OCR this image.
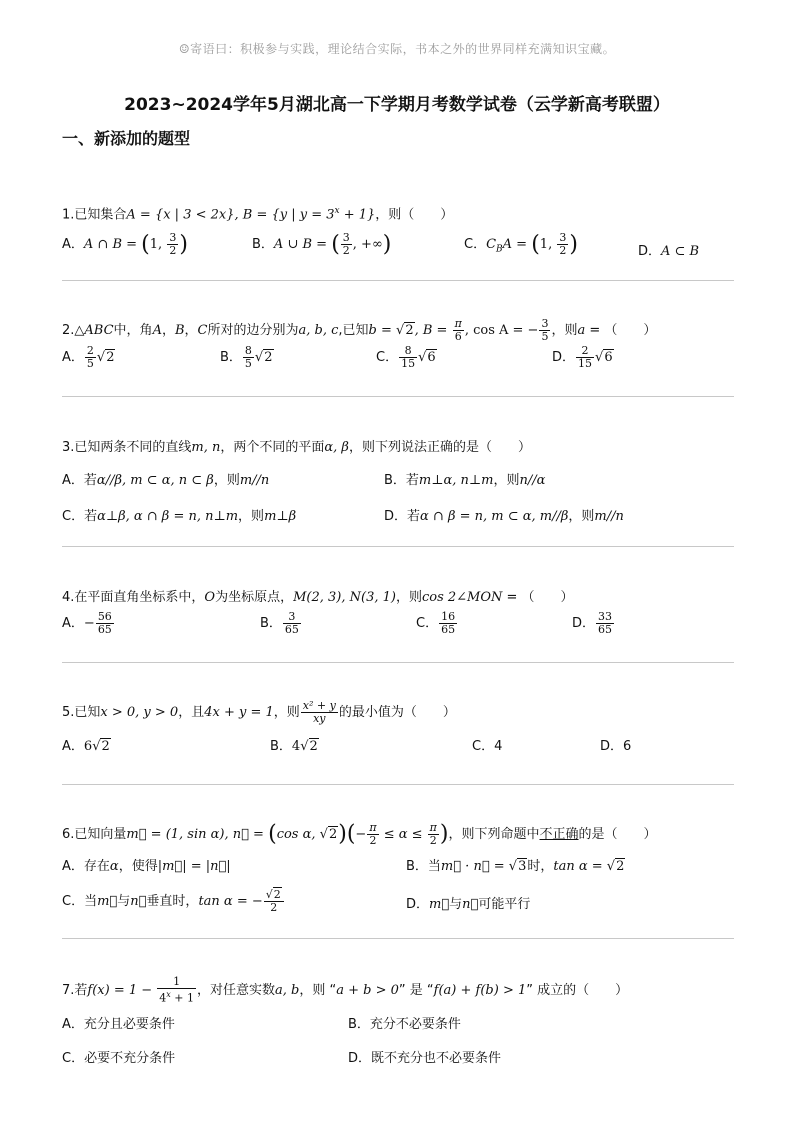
☺寄语曰：积极参与实践，理论结合实际，书本之外的世界同样充满知识宝藏。
2023~2024学年5月湖北高一下学期月考数学试卷（云学新高考联盟）
一、新添加的题型
1.已知集合A = {x | 3 < 2x}, B = {y | $y = 3^x + 1$}，则（　　）
A．A ∩ B = (1, $\frac{3}{2}$ )	B．A ∪ B = ( $\frac{3}{2}$ , +∞)	C．$C_BA = (1$, $\frac{3}{2}$ )	D．A ⊂ B
2.△ABC中，角A，B，C所对的边分别为a, b, c,已知b = √2, $B = \frac{\pi}{6}$ , cos A = − $\frac{3}{5}$ ，则a = （　　）
A． $\frac{2}{5} √2$	B． $\frac{8}{5} √2$	C． $\frac{8}{15} √6$	D． $\frac{2}{15} √6$
3.已知两条不同的直线m, n，两个不同的平面α, β，则下列说法正确的是（　　）
A．若α//β, m ⊂ α, n ⊂ β，则m//n	B．若m⊥α, n⊥m，则n//α
C．若α⊥β, α ∩ β = n, n⊥m，则m⊥β	D．若α ∩ β = n, m ⊂ α, m//β，则m//n
4.在平面直角坐标系中，O为坐标原点，M(2, 3), N(3, 1)，则cos 2∠MON = （　　）
A．− $\frac{56}{65}$	B． $\frac{3}{65}$	C． $\frac{16}{65}$	D． $\frac{33}{65}$
5.已知x > 0, y > 0，且4x + y = 1，则 $\frac{\text{x² + y}}{xy}$ 的最小值为（　　）
A．6√2	B．4√2	C．4	D．6
6.已知向量m⃗ = (1, sin α), n⃗ = (cos α, $√2)(- \frac{\pi}{2} \le \alpha \le \frac{\pi}{2}$ )，则下列命题中不正确的是（　　）
A．存在α，使得|m⃗| = |n⃗|	B．当m⃗ · n⃗ = √3时，tan α = √2
C．当m⃗与n⃗垂直时，tan α = − $\frac{√2}{2}$	D．m⃗与n⃗可能平行
7.若$f(x) = 1 - \frac{1}{4^x + 1}$ ，对任意实数a, b，则 “a + b > 0” 是 “f(a) + f(b) > 1” 成立的（　　）
A．充分且必要条件	B．充分不必要条件
C．必要不充分条件	D．既不充分也不必要条件
